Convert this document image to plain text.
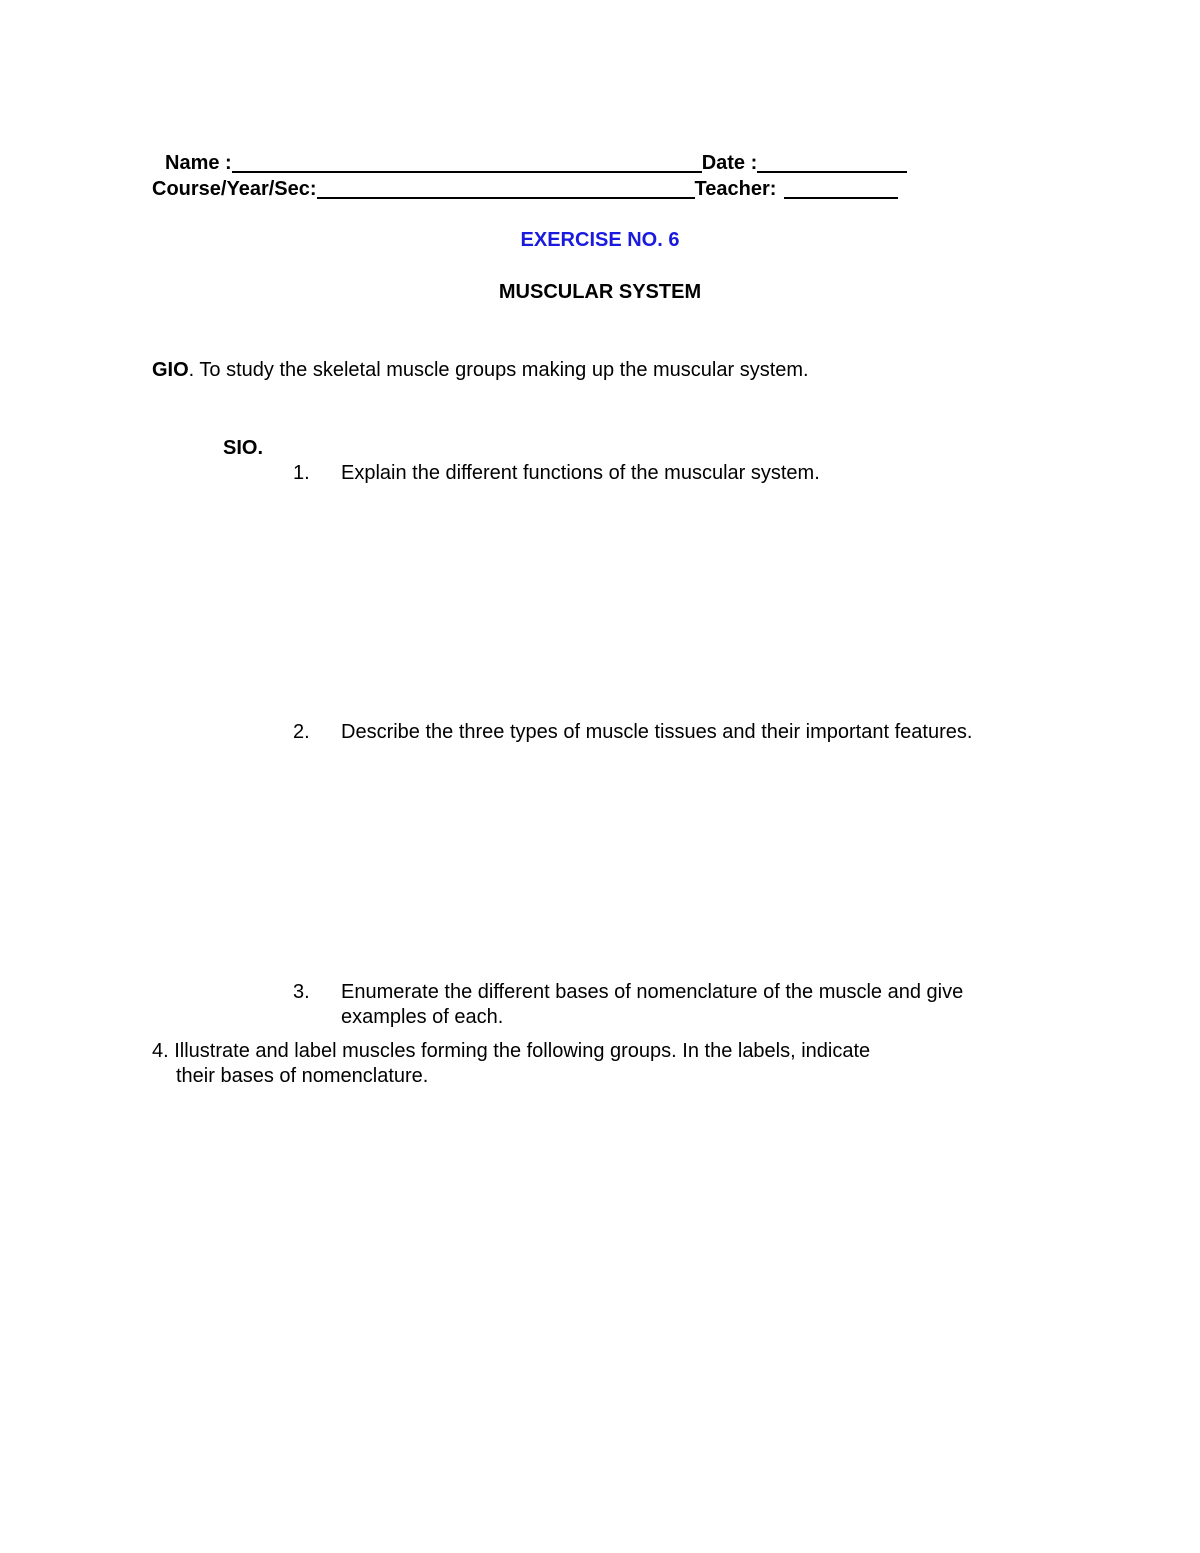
Name :	Date :
Course/Year/Sec:	Teacher:
EXERCISE NO. 6
MUSCULAR SYSTEM
GIO. To study the skeletal muscle groups making up the muscular system.
SIO.
1. Explain the different functions of the muscular system.
2. Describe the three types of muscle tissues and their important features.
3. Enumerate the different bases of nomenclature of the muscle and give
examples of each.
4. Illustrate and label muscles forming the following groups. In the labels, indicate
their bases of nomenclature.
